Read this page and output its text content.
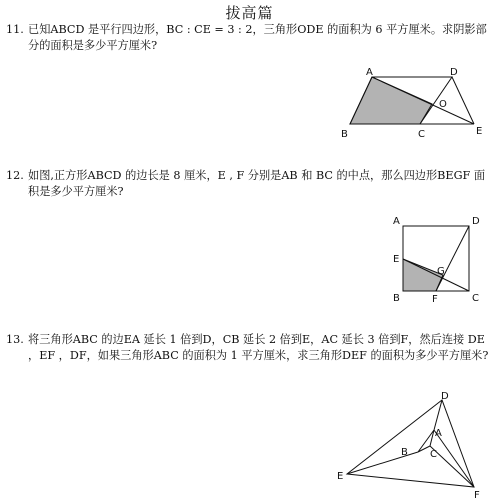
拔高篇
11. 已知ABCD 是平行四边形，BC : CE = 3 : 2，三角形ODE 的面积为 6 平方厘米。求阴影部分的面积是多少平方厘米?
A	D
B	C	E
O
12. 如图,正方形ABCD 的边长是 8 厘米，E , F 分别是AB 和 BC 的中点，那么四边形BEGF 面积是多少平方厘米?
A	D
E
G
B	F	C
13. 将三角形ABC 的边EA 延长 1 倍到D，CB 延长 2 倍到E，AC 延长 3 倍到F，然后连接 DE ，EF ，DF，如果三角形ABC 的面积为 1 平方厘米，求三角形DEF 的面积为多少平方厘米?
D
A
B C
E
F
